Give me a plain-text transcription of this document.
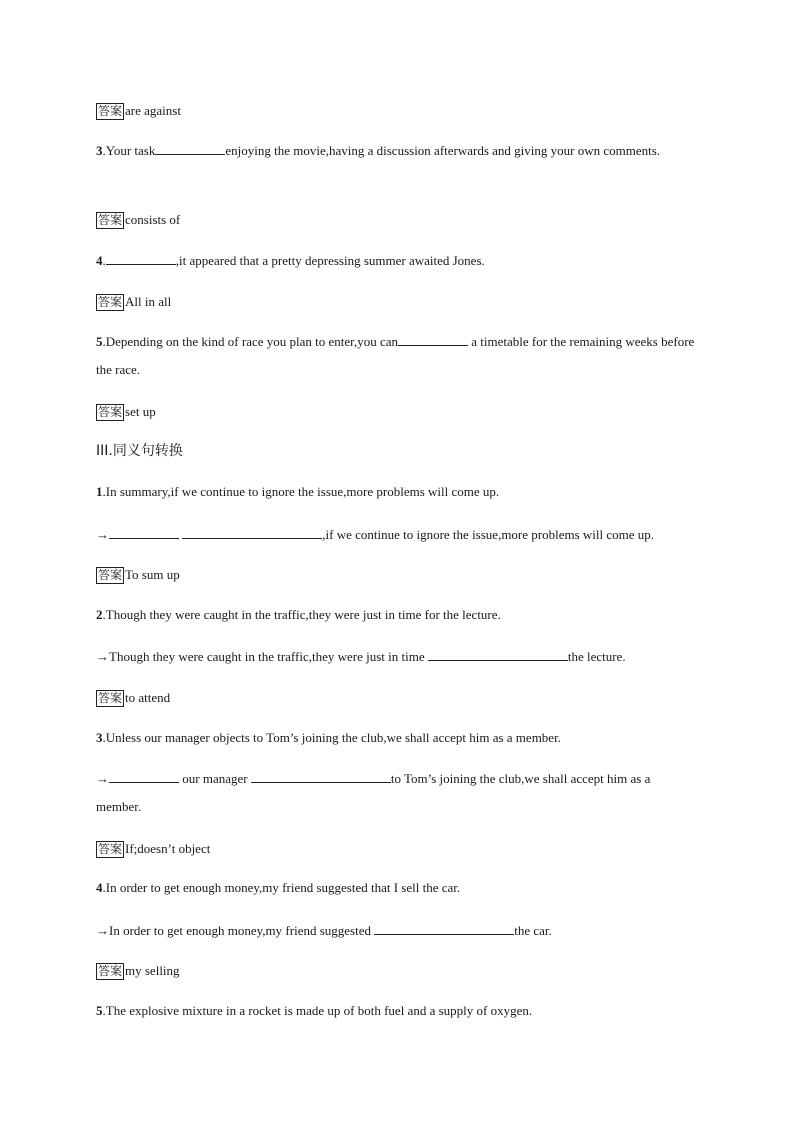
答案 are against
3.Your task	enjoying the movie,having a discussion afterwards and giving your own comments.
答案 consists of
4.	,it appeared that a pretty depressing summer awaited Jones.
答案 All in all
5.Depending on the kind of race you plan to enter,you can	a timetable for the remaining weeks before the race.
答案 set up
III.同义句转换
1.In summary,if we continue to ignore the issue,more problems will come up.
→	,if we continue to ignore the issue,more problems will come up.
答案 To sum up
2.Though they were caught in the traffic,they were just in time for the lecture.
→Though they were caught in the traffic,they were just in time	the lecture.
答案 to attend
3.Unless our manager objects to Tom’s joining the club,we shall accept him as a member.
→	our manager	to Tom’s joining the club,we shall accept him as a member.
答案 If;doesn’t object
4.In order to get enough money,my friend suggested that I sell the car.
→In order to get enough money,my friend suggested	the car.
答案 my selling
5.The explosive mixture in a rocket is made up of both fuel and a supply of oxygen.
